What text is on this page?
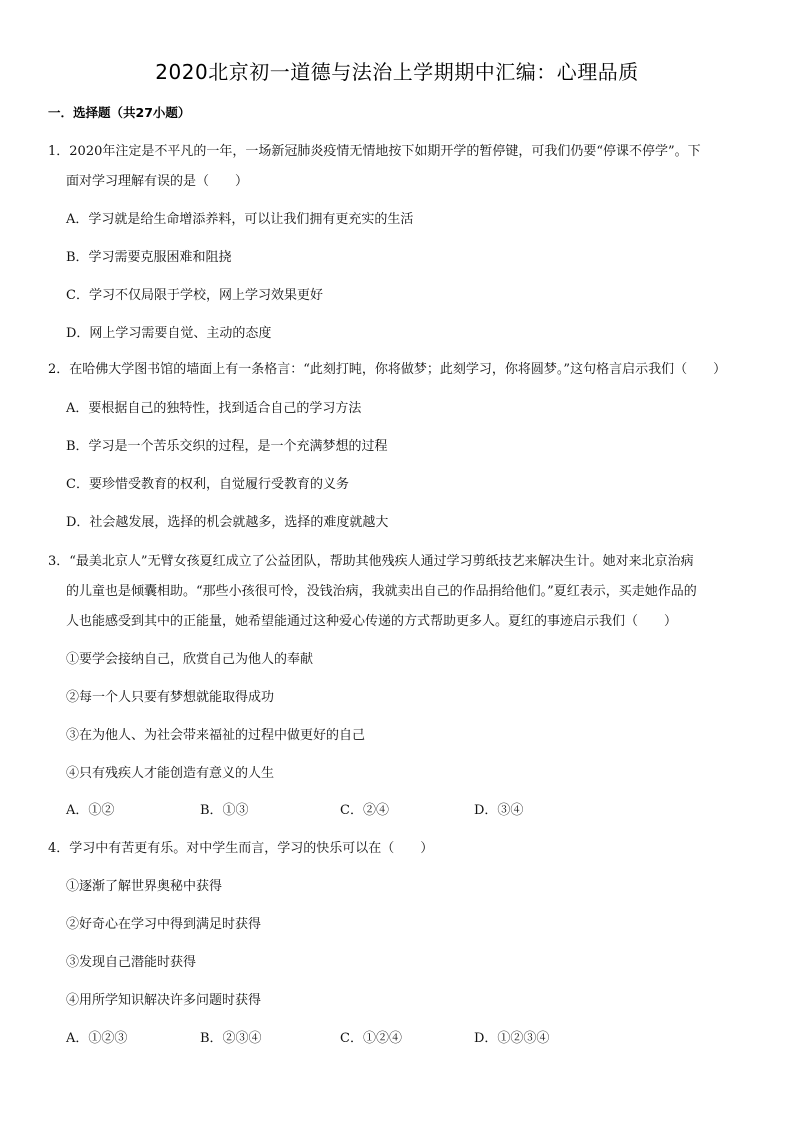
2020北京初一道德与法治上学期期中汇编：心理品质
一．选择题（共27小题）
1．2020年注定是不平凡的一年，一场新冠肺炎疫情无情地按下如期开学的暂停键，可我们仍要“停课不停学”。下
面对学习理解有误的是（　　）
A．学习就是给生命增添养料，可以让我们拥有更充实的生活
B．学习需要克服困难和阻挠
C．学习不仅局限于学校，网上学习效果更好
D．网上学习需要自觉、主动的态度
2．在哈佛大学图书馆的墙面上有一条格言：“此刻打盹，你将做梦；此刻学习，你将圆梦。”这句格言启示我们（　　）
A．要根据自己的独特性，找到适合自己的学习方法
B．学习是一个苦乐交织的过程，是一个充满梦想的过程
C．要珍惜受教育的权利，自觉履行受教育的义务
D．社会越发展，选择的机会就越多，选择的难度就越大
3．“最美北京人”无臂女孩夏红成立了公益团队，帮助其他残疾人通过学习剪纸技艺来解决生计。她对来北京治病
的儿童也是倾囊相助。“那些小孩很可怜，没钱治病，我就卖出自己的作品捐给他们。”夏红表示，买走她作品的
人也能感受到其中的正能量，她希望能通过这种爱心传递的方式帮助更多人。夏红的事迹启示我们（　　）
①要学会接纳自己，欣赏自己为他人的奉献
②每一个人只要有梦想就能取得成功
③在为他人、为社会带来福祉的过程中做更好的自己
④只有残疾人才能创造有意义的人生
A．①②	B．①③	C．②④	D．③④
4．学习中有苦更有乐。对中学生而言，学习的快乐可以在（　　）
①逐渐了解世界奥秘中获得
②好奇心在学习中得到满足时获得
③发现自己潜能时获得
④用所学知识解决许多问题时获得
A．①②③	B．②③④	C．①②④	D．①②③④
